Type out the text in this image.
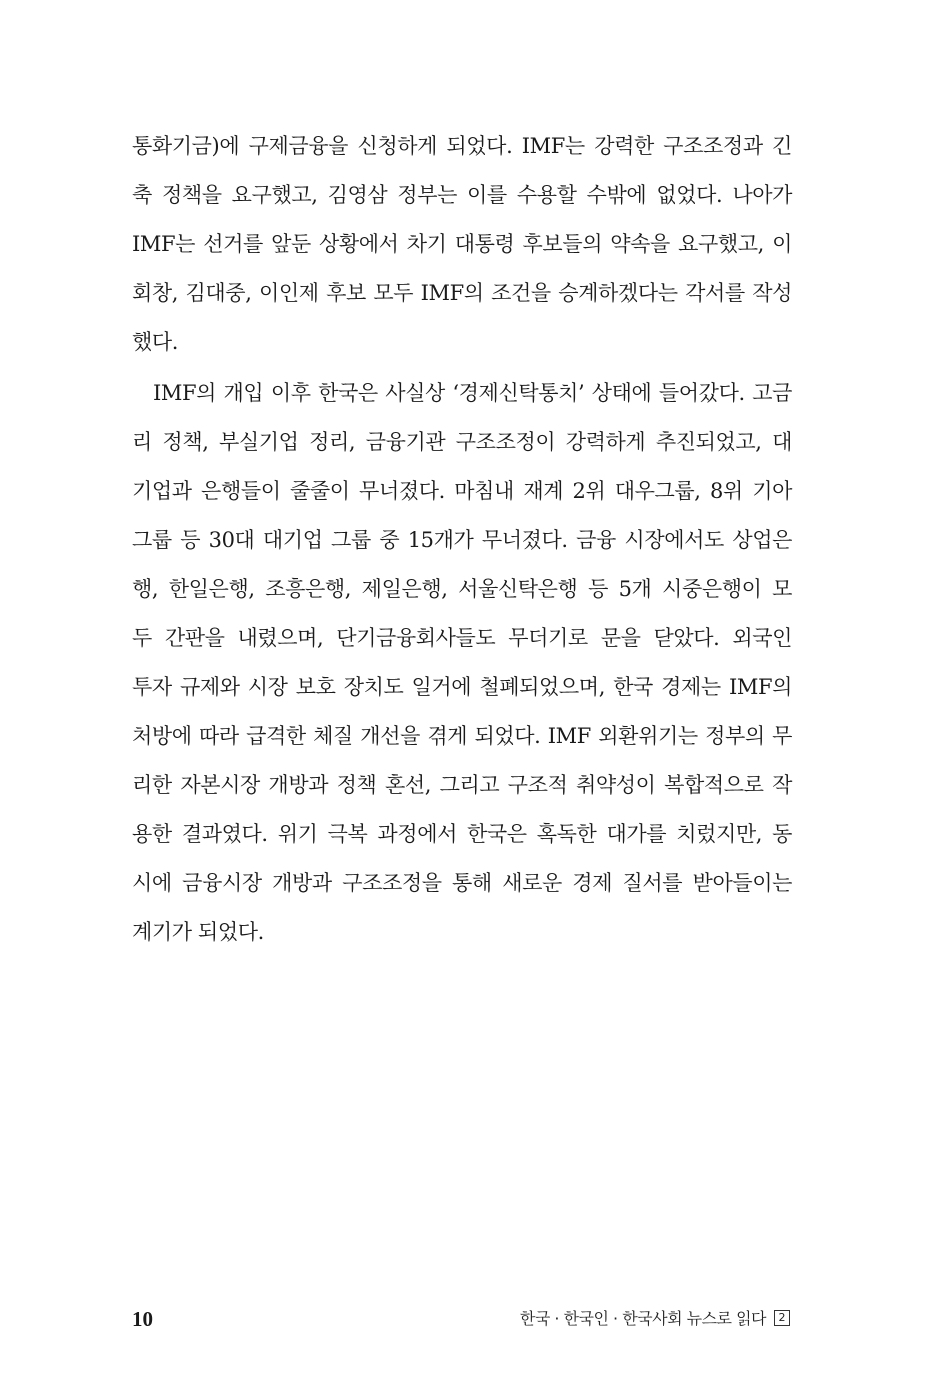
통화기금)에 구제금융을 신청하게 되었다. IMF는 강력한 구조조정과 긴
축 정책을 요구했고, 김영삼 정부는 이를 수용할 수밖에 없었다. 나아가
IMF는 선거를 앞둔 상황에서 차기 대통령 후보들의 약속을 요구했고, 이
회창, 김대중, 이인제 후보 모두 IMF의 조건을 승계하겠다는 각서를 작성
했다.
IMF의 개입 이후 한국은 사실상 ‘경제신탁통치’ 상태에 들어갔다. 고금
리 정책, 부실기업 정리, 금융기관 구조조정이 강력하게 추진되었고, 대
기업과 은행들이 줄줄이 무너졌다. 마침내 재계 2위 대우그룹, 8위 기아
그룹 등 30대 대기업 그룹 중 15개가 무너졌다. 금융 시장에서도 상업은
행, 한일은행, 조흥은행, 제일은행, 서울신탁은행 등 5개 시중은행이 모
두 간판을 내렸으며, 단기금융회사들도 무더기로 문을 닫았다. 외국인
투자 규제와 시장 보호 장치도 일거에 철폐되었으며, 한국 경제는 IMF의
처방에 따라 급격한 체질 개선을 겪게 되었다. IMF 외환위기는 정부의 무
리한 자본시장 개방과 정책 혼선, 그리고 구조적 취약성이 복합적으로 작
용한 결과였다. 위기 극복 과정에서 한국은 혹독한 대가를 치렀지만, 동
시에 금융시장 개방과 구조조정을 통해 새로운 경제 질서를 받아들이는
계기가 되었다.
10	한국 · 한국인 · 한국사회 뉴스로 읽다	2
